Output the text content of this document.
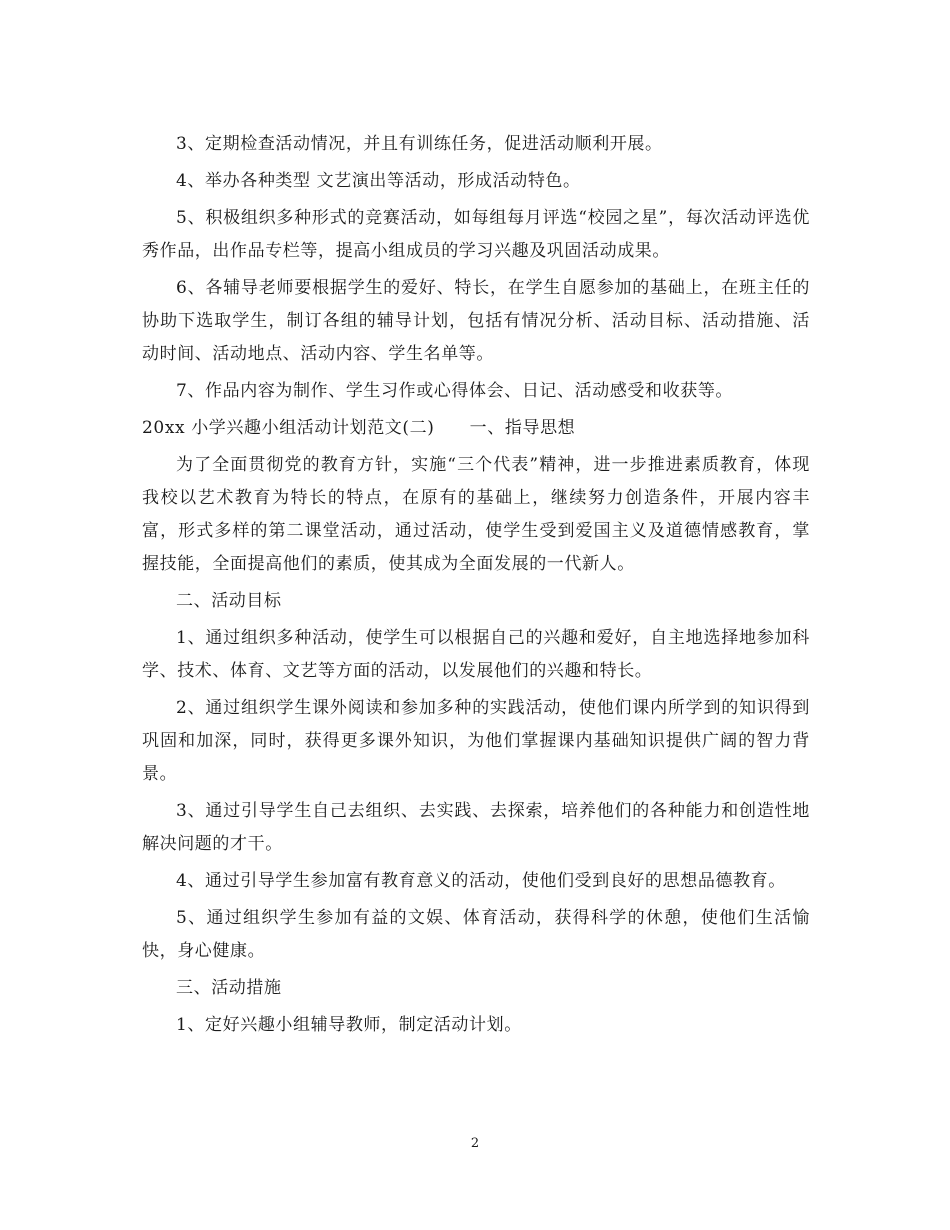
3、定期检查活动情况，并且有训练任务，促进活动顺利开展。

4、举办各种类型 文艺演出等活动，形成活动特色。

5、积极组织多种形式的竞赛活动，如每组每月评选“校园之星”，每次活动评选优秀作品，出作品专栏等，提高小组成员的学习兴趣及巩固活动成果。

6、各辅导老师要根据学生的爱好、特长，在学生自愿参加的基础上，在班主任的协助下选取学生，制订各组的辅导计划，包括有情况分析、活动目标、活动措施、活动时间、活动地点、活动内容、学生名单等。

7、作品内容为制作、学生习作或心得体会、日记、活动感受和收获等。

20xx 小学兴趣小组活动计划范文(二)　　一、指导思想

为了全面贯彻党的教育方针，实施“三个代表”精神，进一步推进素质教育，体现我校以艺术教育为特长的特点，在原有的基础上，继续努力创造条件，开展内容丰富，形式多样的第二课堂活动，通过活动，使学生受到爱国主义及道德情感教育，掌握技能，全面提高他们的素质，使其成为全面发展的一代新人。

二、活动目标

1、通过组织多种活动，使学生可以根据自己的兴趣和爱好，自主地选择地参加科 学、技术、体育、文艺等方面的活动，以发展他们的兴趣和特长。

2、通过组织学生课外阅读和参加多种的实践活动，使他们课内所学到的知识得到巩固和加深，同时，获得更多课外知识，为他们掌握课内基础知识提供广阔的智力背景。

3、通过引导学生自己去组织、去实践、去探索，培养他们的各种能力和创造性地解决问题的才干。

4、通过引导学生参加富有教育意义的活动，使他们受到良好的思想品德教育。

5、通过组织学生参加有益的文娱、体育活动，获得科学的休憩，使他们生活愉快，身心健康。

三、活动措施

1、定好兴趣小组辅导教师，制定活动计划。

2
